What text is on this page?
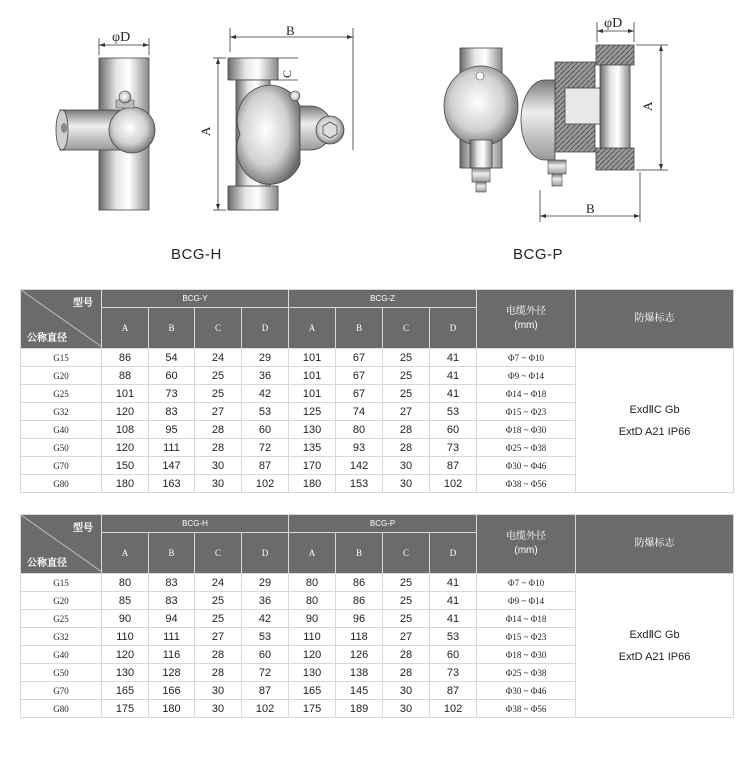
φD	B
C
A
φD
A
B
BCG-H	BCG-P
型号
公称直径	BCG-Y				BCG-Z				电缆外径
(mm)	防爆标志
	A	B	C	D	A	B	C	D		
G15	86	54	24	29	101	67	25	41	Φ7 ~ Φ10	ExdⅡC Gb
ExtD A21 IP66

G20	88	60	25	36	101	67	25	41	Φ9 ~ Φ14	
G25	101	73	25	42	101	67	25	41	Φ14 ~ Φ18	
G32	120	83	27	53	125	74	27	53	Φ15 ~ Φ23	
G40	108	95	28	60	130	80	28	60	Φ18 ~ Φ30	
G50	120	111	28	72	135	93	28	73	Φ25 ~ Φ38	
G70	150	147	30	87	170	142	30	87	Φ30 ~ Φ46	
G80	180	163	30	102	180	153	30	102	Φ38 ~ Φ56	
型号
公称直径	BCG-H				BCG-P				电缆外径
(mm)	防爆标志
	A	B	C	D	A	B	C	D		
G15	80	83	24	29	80	86	25	41	Φ7 ~ Φ10	ExdⅡC Gb
ExtD A21 IP66

G20	85	83	25	36	80	86	25	41	Φ9 ~ Φ14	
G25	90	94	25	42	90	96	25	41	Φ14 ~ Φ18	
G32	110	111	27	53	110	118	27	53	Φ15 ~ Φ23	
G40	120	116	28	60	120	126	28	60	Φ18 ~ Φ30	
G50	130	128	28	72	130	138	28	73	Φ25 ~ Φ38	
G70	165	166	30	87	165	145	30	87	Φ30 ~ Φ46	
G80	175	180	30	102	175	189	30	102	Φ38 ~ Φ56	
